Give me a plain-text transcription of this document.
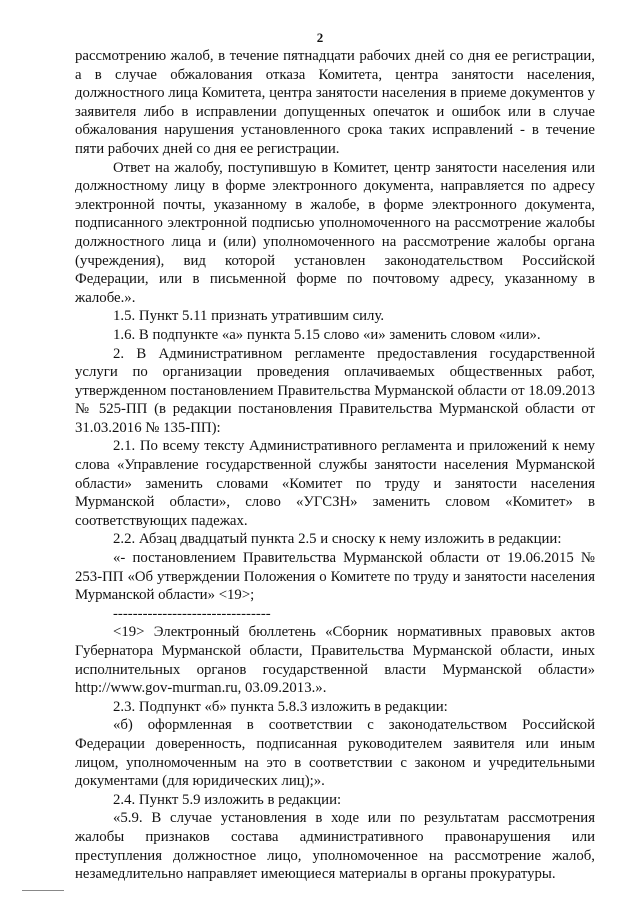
2

рассмотрению жалоб, в течение пятнадцати рабочих дней со дня ее регистрации, а в случае обжалования отказа Комитета, центра занятости населения, должностного лица Комитета, центра занятости населения в приеме документов у заявителя либо в исправлении допущенных опечаток и ошибок или в случае обжалования нарушения установленного срока таких исправлений - в течение пяти рабочих дней со дня ее регистрации.

Ответ на жалобу, поступившую в Комитет, центр занятости населения или должностному лицу в форме электронного документа, направляется по адресу электронной почты, указанному в жалобе, в форме электронного документа, подписанного электронной подписью уполномоченного на рассмотрение жалобы должностного лица и (или) уполномоченного на рассмотрение жалобы органа (учреждения), вид которой установлен законодательством Российской Федерации, или в письменной форме по почтовому адресу, указанному в жалобе.».

1.5. Пункт 5.11 признать утратившим силу.

1.6. В подпункте «а» пункта 5.15 слово «и» заменить словом «или».

2. В Административном регламенте предоставления государственной услуги по организации проведения оплачиваемых общественных работ, утвержденном постановлением Правительства Мурманской области от 18.09.2013 № 525-ПП (в редакции постановления Правительства Мурманской области от 31.03.2016 № 135-ПП):

2.1. По всему тексту Административного регламента и приложений к нему слова «Управление государственной службы занятости населения Мурманской области» заменить словами «Комитет по труду и занятости населения Мурманской области», слово «УГСЗН» заменить словом «Комитет» в соответствующих падежах.

2.2. Абзац двадцатый пункта 2.5 и сноску к нему изложить в редакции:

«- постановлением Правительства Мурманской области от 19.06.2015 № 253-ПП «Об утверждении Положения о Комитете по труду и занятости населения Мурманской области» <19>;

--------------------------------

<19> Электронный бюллетень «Сборник нормативных правовых актов Губернатора Мурманской области, Правительства Мурманской области, иных исполнительных органов государственной власти Мурманской области» http://www.gov-murman.ru, 03.09.2013.».

2.3. Подпункт «б» пункта 5.8.3 изложить в редакции:

«б) оформленная в соответствии с законодательством Российской Федерации доверенность, подписанная руководителем заявителя или иным лицом, уполномоченным на это в соответствии с законом и учредительными документами (для юридических лиц);».

2.4. Пункт 5.9 изложить в редакции:

«5.9. В случае установления в ходе или по результатам рассмотрения жалобы признаков состава административного правонарушения или преступления должностное лицо, уполномоченное на рассмотрение жалоб, незамедлительно направляет имеющиеся материалы в органы прокуратуры.
